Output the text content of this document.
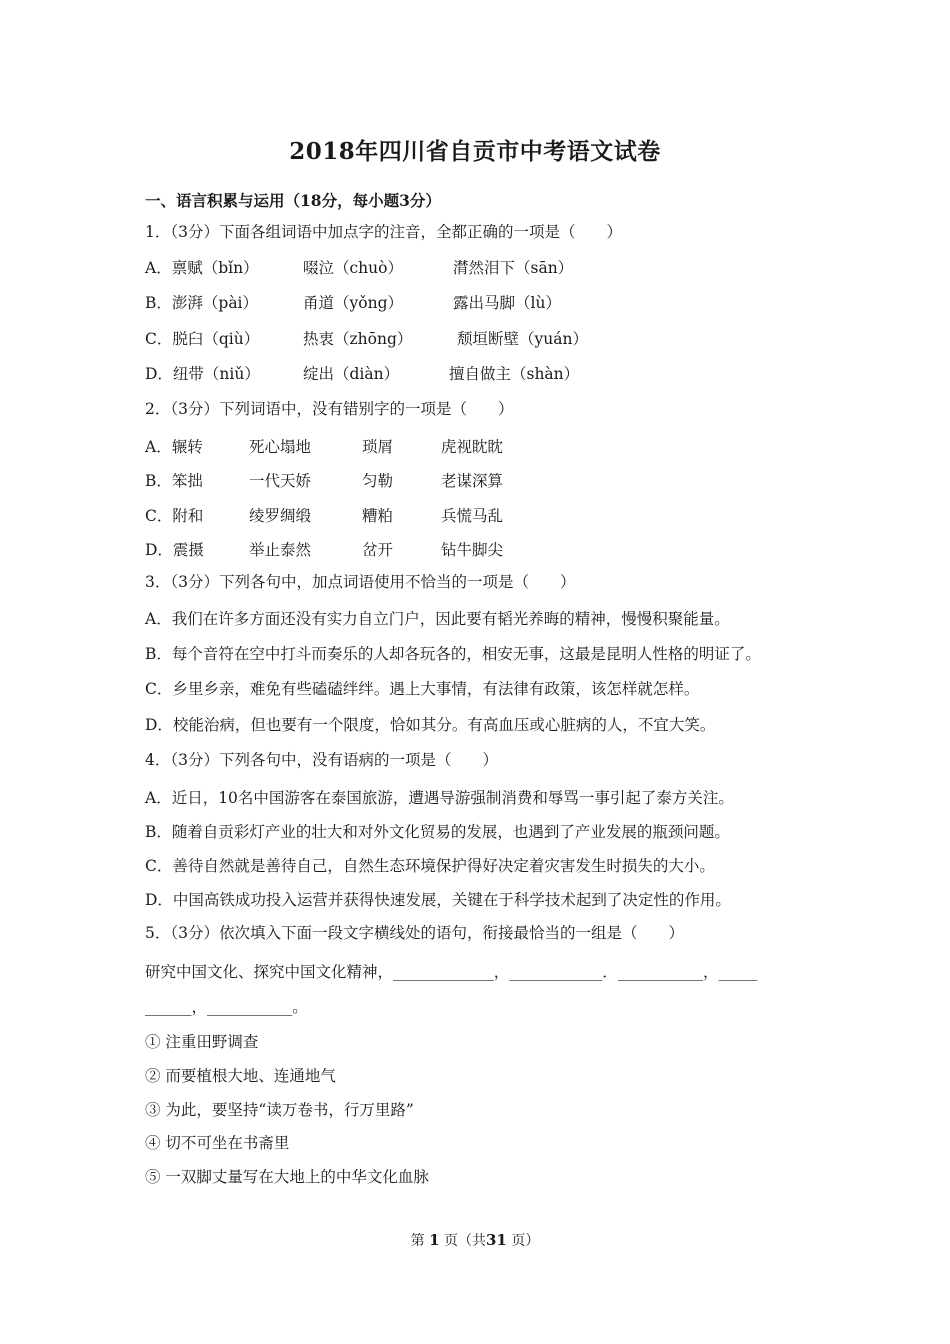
2018年四川省自贡市中考语文试卷
一、语言积累与运用（18分，每小题3分）
1．（3分）下面各组词语中加点字的注音，全都正确的一项是（　　）
A．禀赋（bǐn）	啜泣（chuò）	潸然泪下（sān）
B．澎湃（pài）	甬道（yǒng）	露出马脚（lù）
C．脱臼（qiù）	热衷（zhōng）	颓垣断壁（yuán）
D．纽带（niǔ）	绽出（diàn）	擅自做主（shàn）
2．（3分）下列词语中，没有错别字的一项是（　　）
A．辗转	死心塌地	琐屑	虎视眈眈
B．笨拙	一代天娇	匀勒	老谋深算
C．附和	绫罗绸缎	糟粕	兵慌马乱
D．震摄	举止泰然	岔开	钻牛脚尖
3．（3分）下列各句中，加点词语使用不恰当的一项是（　　）
A．我们在许多方面还没有实力自立门户，因此要有韬光养晦的精神，慢慢积聚能量。
B．每个音符在空中打斗而奏乐的人却各玩各的，相安无事，这最是昆明人性格的明证了。
C．乡里乡亲，难免有些磕磕绊绊。遇上大事情，有法律有政策，该怎样就怎样。
D．校能治病，但也要有一个限度，恰如其分。有高血压或心脏病的人，不宜大笑。
4．（3分）下列各句中，没有语病的一项是（　　）
A．近日，10名中国游客在泰国旅游，遭遇导游强制消费和辱骂一事引起了泰方关注。
B．随着自贡彩灯产业的壮大和对外文化贸易的发展，也遇到了产业发展的瓶颈问题。
C．善待自然就是善待自己，自然生态环境保护得好决定着灾害发生时损失的大小。
D．中国高铁成功投入运营并获得快速发展，关键在于科学技术起到了决定性的作用。
5．（3分）依次填入下面一段文字横线处的语句，衔接最恰当的一组是（　　）
研究中国文化、探究中国文化精神，_____________，____________．___________，_____
______，___________。
① 注重田野调查
② 而要植根大地、连通地气
③ 为此，要坚持“读万卷书，行万里路”
④ 切不可坐在书斋里
⑤ 一双脚丈量写在大地上的中华文化血脉
第 1 页（共31 页）
